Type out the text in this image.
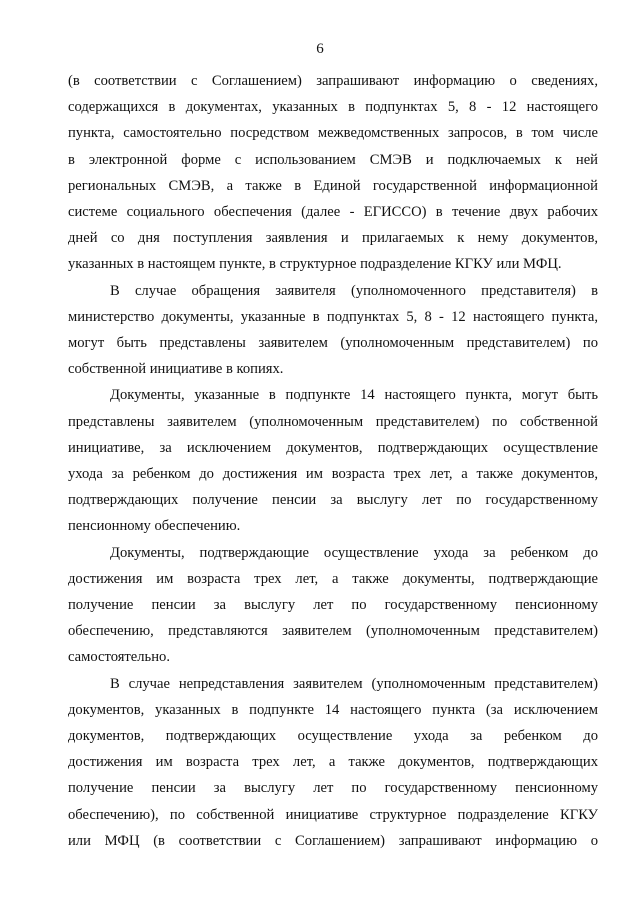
6

(в соответствии с Соглашением) запрашивают информацию о сведениях,
содержащихся в документах, указанных в подпунктах 5, 8 - 12 настоящего
пункта, самостоятельно посредством межведомственных запросов, в том числе
в электронной форме с использованием СМЭВ и подключаемых к ней
региональных СМЭВ, а также в Единой государственной информационной
системе социального обеспечения (далее - ЕГИССО) в течение двух рабочих
дней со дня поступления заявления и прилагаемых к нему документов,
указанных в настоящем пункте, в структурное подразделение КГКУ или МФЦ.

В случае обращения заявителя (уполномоченного представителя) в
министерство документы, указанные в подпунктах 5, 8 - 12 настоящего пункта,
могут быть представлены заявителем (уполномоченным представителем) по
собственной инициативе в копиях.

Документы, указанные в подпункте 14 настоящего пункта, могут быть
представлены заявителем (уполномоченным представителем) по собственной
инициативе, за исключением документов, подтверждающих осуществление
ухода за ребенком до достижения им возраста трех лет, а также документов,
подтверждающих получение пенсии за выслугу лет по государственному
пенсионному обеспечению.

Документы, подтверждающие осуществление ухода за ребенком до
достижения им возраста трех лет, а также документы, подтверждающие
получение пенсии за выслугу лет по государственному пенсионному
обеспечению, представляются заявителем (уполномоченным представителем)
самостоятельно.

В случае непредставления заявителем (уполномоченным представителем)
документов, указанных в подпункте 14 настоящего пункта (за исключением
документов, подтверждающих осуществление ухода за ребенком до
достижения им возраста трех лет, а также документов, подтверждающих
получение пенсии за выслугу лет по государственному пенсионному
обеспечению), по собственной инициативе структурное подразделение КГКУ
или МФЦ (в соответствии с Соглашением) запрашивают информацию о
